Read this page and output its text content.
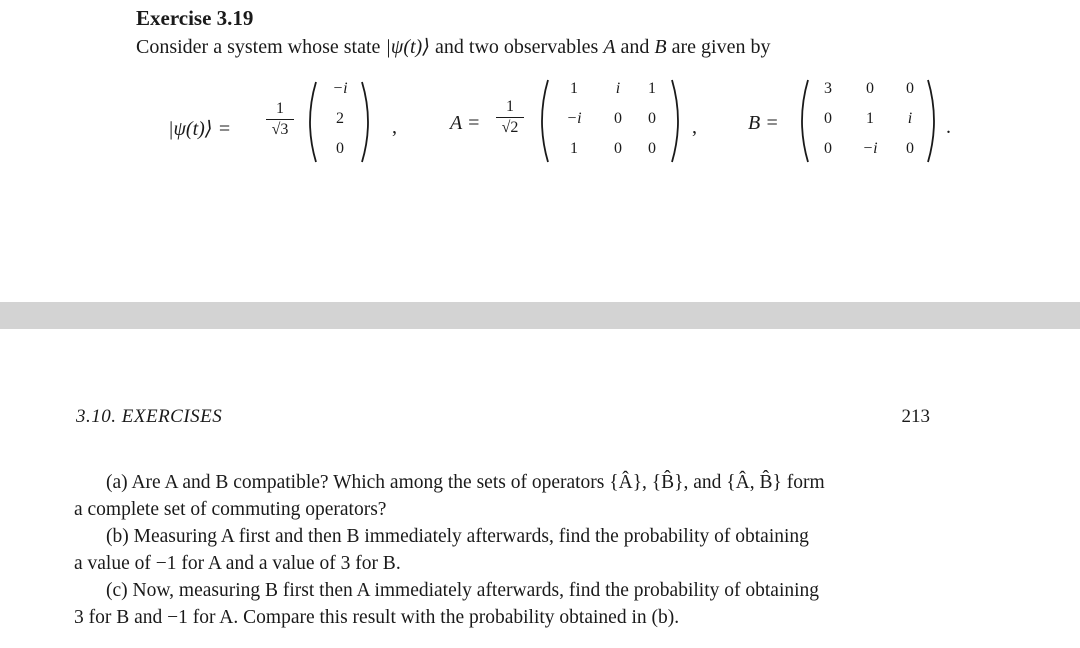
Exercise 3.19
Consider a system whose state |ψ(t)⟩ and two observables A and B are given by
|ψ(t)⟩ =
1
√3
−i
2
0
,	A =
1
√2
1	i	1
−i	0	0
1	0	0
,	B =
3	0	0
0	1	i
0	−i	0
.
3.10. EXERCISES	213
(a) Are A and B compatible? Which among the sets of operators {Â}, {B̂}, and {Â, B̂} form
a complete set of commuting operators?
(b) Measuring A first and then B immediately afterwards, find the probability of obtaining
a value of −1 for A and a value of 3 for B.
(c) Now, measuring B first then A immediately afterwards, find the probability of obtaining
3 for B and −1 for A. Compare this result with the probability obtained in (b).
